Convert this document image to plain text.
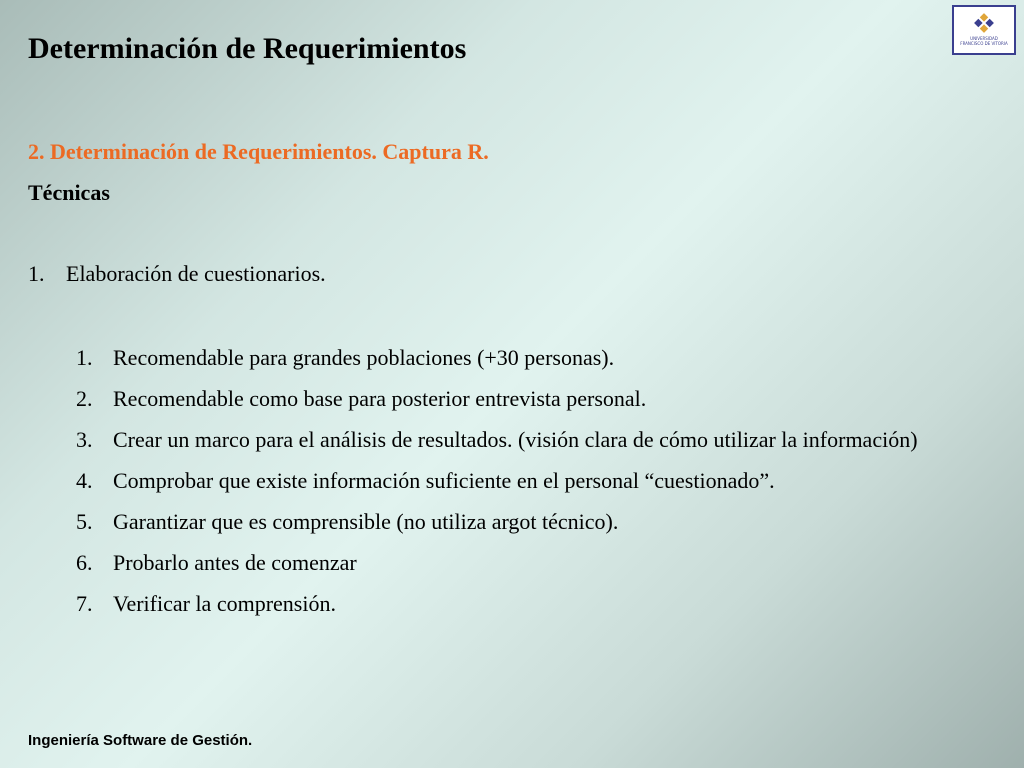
Determinación de Requerimientos	UNIVERSIDAD
FRANCISCO DE VITORIA
2. Determinación de Requerimientos. Captura R.
Técnicas
1. Elaboración de cuestionarios.
1. Recomendable para grandes poblaciones (+30 personas).
2. Recomendable como base para posterior entrevista personal.
3. Crear un marco para el análisis de resultados. (visión clara de cómo utilizar la información)
4. Comprobar que existe información suficiente en el personal “cuestionado”.
5. Garantizar que es comprensible (no utiliza argot técnico).
6. Probarlo antes de comenzar
7. Verificar la comprensión.
Ingeniería Software de Gestión.
